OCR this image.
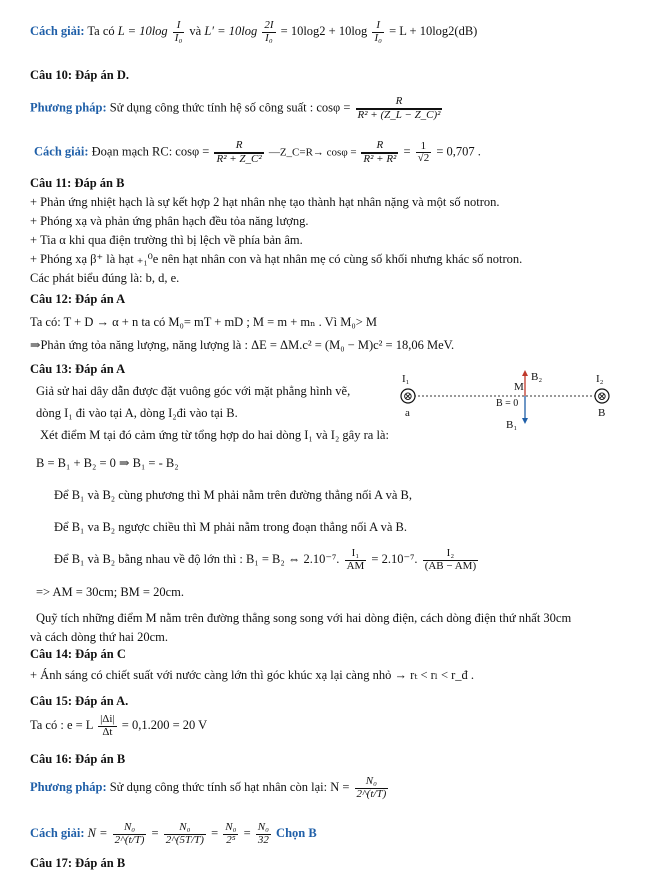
Cách giải: Ta có $L = 10\log \frac{I}{\text{I₀}}$ và $L' = 10\log \frac{2I}{\text{I₀}} = 10\log 2 + 10\log \frac{I}{\text{I₀}} = L + 10\log 2(dB)$
Câu 10: Đáp án D.
Phương pháp: Sử dụng công thức tính hệ số công suất : $\cos\varphi = \frac{R}{\text{R² + (Z\_L − Z\_C)²}}$
Cách giải: Đoạn mạch RC: $\cos\varphi = \frac{R}{\text{R² + Z\_C²}}$ —Z_C=R→ $\cos\varphi = \frac{R}{\text{R² + R²}} = \frac{1}{√2} = 0,707$ .
Câu 11: Đáp án B
+ Phản ứng nhiệt hạch là sự kết hợp 2 hạt nhân nhẹ tạo thành hạt nhân nặng và một số notron.
+ Phóng xạ và phản ứng phân hạch đều tỏa năng lượng.
+ Tia α khi qua điện trường thì bị lệch về phía bản âm.
+ Phóng xạ β⁺ là hạt ₊₁⁰e nên hạt nhân con và hạt nhân mẹ có cùng số khối nhưng khác số notron.
Các phát biểu đúng là: b, d, e.
Câu 12: Đáp án A
Ta có: T + D → α + n ta có M₀= mT + mD ; M = m + mₙ . Vì M₀> M
⇒Phản ứng tỏa năng lượng, năng lượng là : ΔE = ΔM.c² = (M₀ − M)c² = 18,06 MeV.
Câu 13: Đáp án A
Giả sử hai dây dẫn được đặt vuông góc với mặt phẳng hình vẽ,
dòng I₁ đi vào tại A, dòng I₂đi vào tại B.
Xét điểm M tại đó cảm ứng từ tổng hợp do hai dòng I₁ và I₂ gây ra là:
B = B₁ + B₂ = 0 ⇒ B₁ = - B₂
Để B₁ và B₂ cùng phương thì M phải nằm trên đường thẳng nối A và B,
Để B₁ va B₂ ngược chiều thì M phải nằm trong đoạn thẳng nối A và B.
Để B₁ và B₂ bằng nhau về độ lớn thì : B₁ = B₂ ⇔ 2.10⁻⁷. $\frac{\text{I₁}}{AM} = 2.10^{-7}$. $\frac{\text{I₂}}{(AB - AM)}$
=> AM = 30cm; BM = 20cm.
Quỹ tích những điểm M nằm trên đường thẳng song song với hai dòng điện, cách dòng điện thứ nhất 30cm
và cách dòng thứ hai 20cm.
⊗	⊗
I₁	I₂
a	B
M
B₂
B₁
B = 0
Câu 14: Đáp án C
+ Ánh sáng có chiết suất với nước càng lớn thì góc khúc xạ lại càng nhỏ → rₜ < rₗ < r_đ .
Câu 15: Đáp án A.
Ta có : e = L $\frac{|\Delta i|}{\Delta t} = 0,1.200 = 20$ V
Câu 16: Đáp án B
Phương pháp: Sử dụng công thức tính số hạt nhân còn lại: $N = \frac{\text{N₀}}{2\^{}(t/T)}$
Cách giải: $N = \frac{\text{N₀}}{2\^{}(t/T)} = \frac{\text{N₀}}{2\^{}(5T/T)} = \frac{\text{N₀}}{\text{2⁵}} = \frac{\text{N₀}}{32}$ Chọn B
Câu 17: Đáp án B
